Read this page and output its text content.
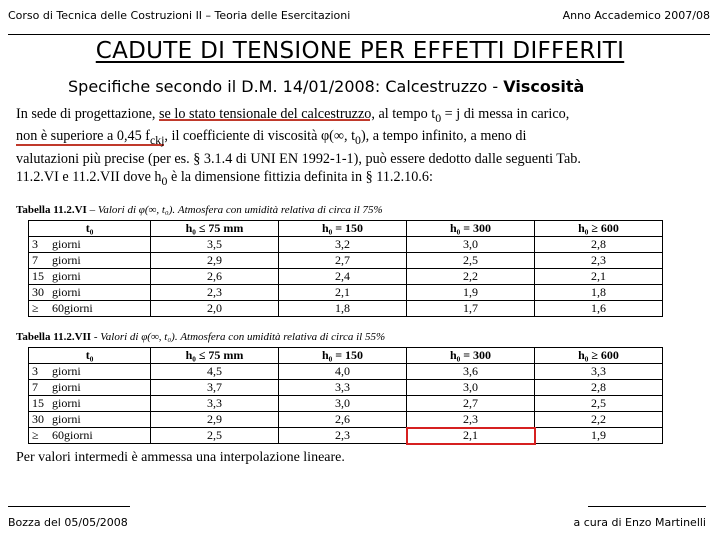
Corso di Tecnica delle Costruzioni II – Teoria delle Esercitazioni	Anno Accademico 2007/08
CADUTE DI TENSIONE PER EFFETTI DIFFERITI
Specifiche secondo il D.M. 14/01/2008: Calcestruzzo - Viscosità

In sede di progettazione, se lo stato tensionale del calcestruzzo, al tempo $t_0 = j$ di messa in carico,
non è superiore a 0,45 $f_{ckj}$, il coefficiente di viscosità φ(∞, $t_0$), a tempo infinito, a meno di
valutazioni più precise (per es. § 3.1.4 di UNI EN 1992-1-1), può essere dedotto dalle seguenti Tab.
11.2.VI e 11.2.VII dove $h_0$ è la dimensione fittizia definita in § 11.2.10.6:

Tabella 11.2.VI – Valori di φ(∞, t₀). Atmosfera con umidità relativa di circa il 75%
t₀	h₀ ≤ 75 mm	h₀ = 150	h₀ = 300	h₀ ≥ 600
3 giorni	3,5	3,2	3,0	2,8
7 giorni	2,9	2,7	2,5	2,3
15 giorni	2,6	2,4	2,2	2,1
30 giorni	2,3	2,1	1,9	1,8
≥ 60giorni	2,0	1,8	1,7	1,6
Tabella 11.2.VII - Valori di φ(∞, t₀). Atmosfera con umidità relativa di circa il 55%
t₀	h₀ ≤ 75 mm	h₀ = 150	h₀ = 300	h₀ ≥ 600
3 giorni	4,5	4,0	3,6	3,3
7 giorni	3,7	3,3	3,0	2,8
15 giorni	3,3	3,0	2,7	2,5
30 giorni	2,9	2,6	2,3	2,2
≥ 60giorni	2,5	2,3	2,1	1,9

Per valori intermedi è ammessa una interpolazione lineare.

Bozza del 05/05/2008	a cura di Enzo Martinelli
